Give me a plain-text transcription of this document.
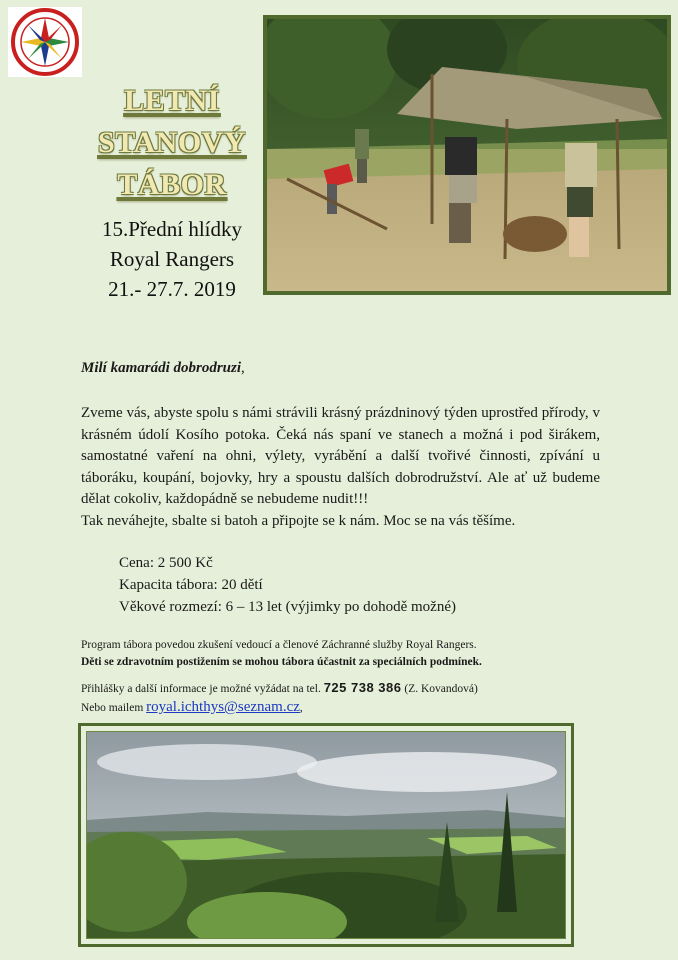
LETNÍ
STANOVÝ
TÁBOR
15.Přední hlídky
Royal Rangers
21.- 27.7. 2019
Milí kamarádi dobrodruzi,

Zveme vás, abyste spolu s námi strávili krásný prázdninový týden uprostřed přírody, v krásném údolí Kosího potoka. Čeká nás spaní ve stanech a možná i pod širákem, samostatné vaření na ohni, výlety, vyrábění a další tvořivé činnosti, zpívání u táboráku, koupání, bojovky, hry a spoustu dalších dobrodružství. Ale ať už budeme dělat cokoliv, každopádně se nebudeme nudit!!!

Tak neváhejte, sbalte si batoh a připojte se k nám. Moc se na vás těšíme.

Cena: 2 500 Kč
Kapacita tábora: 20 dětí
Věkové rozmezí: 6 – 13 let (výjimky po dohodě možné)
Program tábora povedou zkušení vedoucí a členové Záchranné služby Royal Rangers.
Děti se zdravotním postižením se mohou tábora účastnit za speciálních podmínek.
Přihlášky a další informace je možné vyžádat na tel. 725 738 386 (Z. Kovandová)
Nebo mailem royal.ichthys@seznam.cz,
